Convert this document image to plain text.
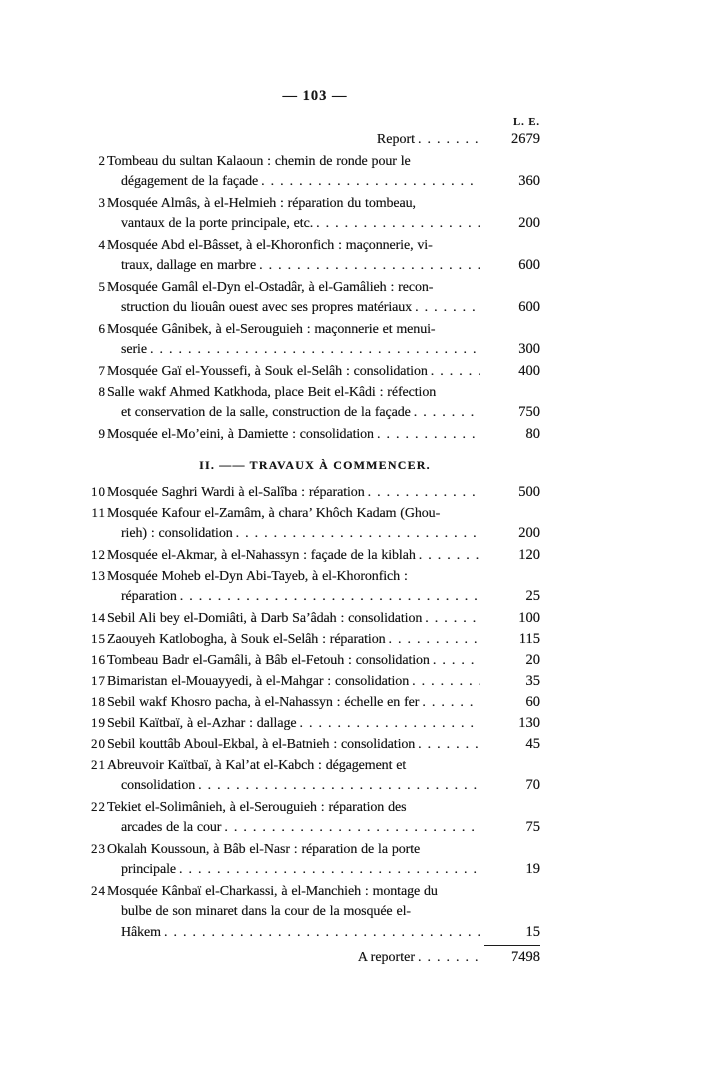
— 103 —
L. E.
Report .....	2679
2 Tombeau du sultan Kalaoun : chemin de ronde pour le
dégagement de la façade .....	360
3 Mosquée Almâs, à el-Helmieh : réparation du tombeau,
vantaux de la porte principale, etc. .....	200
4 Mosquée Abd el-Bâsset, à el-Khoronfich : maçonnerie, vi-
traux, dallage en marbre .....	600
5 Mosquée Gamâl el-Dyn el-Ostadâr, à el-Gamâlieh : recon-
struction du liouân ouest avec ses propres matériaux .....	600
6 Mosquée Gânibek, à el-Serouguieh : maçonnerie et menui-
serie .....	300
7 Mosquée Gaï el-Youssefi, à Souk el-Selâh : consolidation .....	400
8 Salle wakf Ahmed Katkhoda, place Beit el-Kâdi : réfection
et conservation de la salle, construction de la façade .....	750
9 Mosquée el-Mo’eini, à Damiette : consolidation .....	80
II. —— TRAVAUX À COMMENCER.
10 Mosquée Saghri Wardi à el-Salîba : réparation .....	500
11 Mosquée Kafour el-Zamâm, à chara’ Khôch Kadam (Ghou-
rieh) : consolidation .....	200
12 Mosquée el-Akmar, à el-Nahassyn : façade de la kiblah .....	120
13 Mosquée Moheb el-Dyn Abi-Tayeb, à el-Khoronfich :
réparation .....	25
14 Sebil Ali bey el-Domiâti, à Darb Sa’âdah : consolidation .....	100
15 Zaouyeh Katlobogha, à Souk el-Selâh : réparation .....	115
16 Tombeau Badr el-Gamâli, à Bâb el-Fetouh : consolidation .....	20
17 Bimaristan el-Mouayyedi, à el-Mahgar : consolidation .....	35
18 Sebil wakf Khosro pacha, à el-Nahassyn : échelle en fer .....	60
19 Sebil Kaïtbaï, à el-Azhar : dallage .....	130
20 Sebil kouttâb Aboul-Ekbal, à el-Batnieh : consolidation .....	45
21 Abreuvoir Kaïtbaï, à Kal’at el-Kabch : dégagement et
consolidation .....	70
22 Tekiet el-Solimânieh, à el-Serouguieh : réparation des
arcades de la cour .....	75
23 Okalah Koussoun, à Bâb el-Nasr : réparation de la porte
principale .....	19
24 Mosquée Kânbaï el-Charkassi, à el-Manchieh : montage du
bulbe de son minaret dans la cour de la mosquée el-
Hâkem .....	15
A reporter .....	7498
